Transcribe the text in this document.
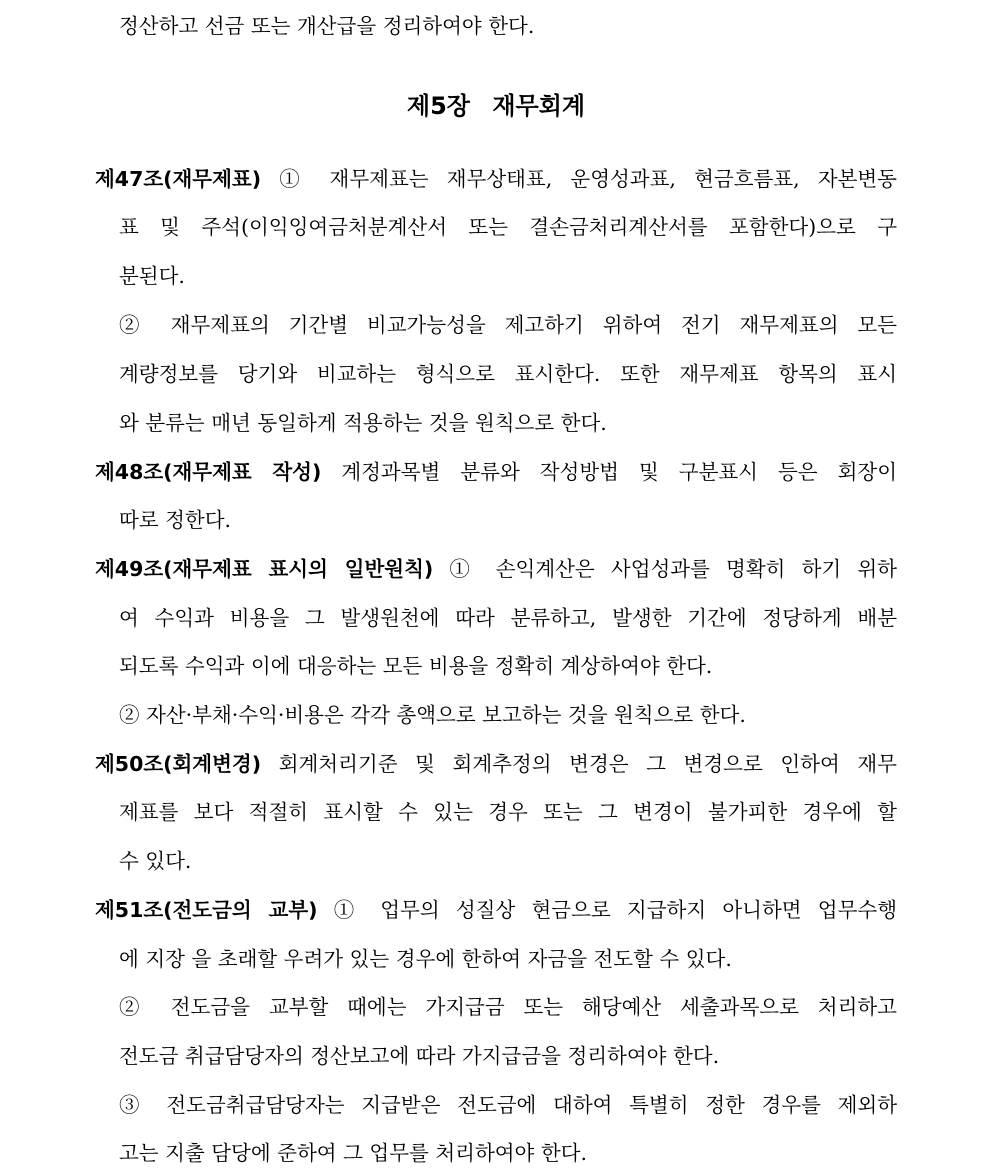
정산하고 선금 또는 개산급을 정리하여야 한다.
제5장 재무회계
제47조(재무제표) ① 재무제표는 재무상태표, 운영성과표, 현금흐름표, 자본변동
표 및 주석(이익잉여금처분계산서 또는 결손금처리계산서를 포함한다)으로 구
분된다.
② 재무제표의 기간별 비교가능성을 제고하기 위하여 전기 재무제표의 모든
계량정보를 당기와 비교하는 형식으로 표시한다. 또한 재무제표 항목의 표시
와 분류는 매년 동일하게 적용하는 것을 원칙으로 한다.
제48조(재무제표 작성) 계정과목별 분류와 작성방법 및 구분표시 등은 회장이
따로 정한다.
제49조(재무제표 표시의 일반원칙) ① 손익계산은 사업성과를 명확히 하기 위하
여 수익과 비용을 그 발생원천에 따라 분류하고, 발생한 기간에 정당하게 배분
되도록 수익과 이에 대응하는 모든 비용을 정확히 계상하여야 한다.
② 자산·부채·수익·비용은 각각 총액으로 보고하는 것을 원칙으로 한다.
제50조(회계변경) 회계처리기준 및 회계추정의 변경은 그 변경으로 인하여 재무
제표를 보다 적절히 표시할 수 있는 경우 또는 그 변경이 불가피한 경우에 할
수 있다.
제51조(전도금의 교부) ① 업무의 성질상 현금으로 지급하지 아니하면 업무수행
에 지장 을 초래할 우려가 있는 경우에 한하여 자금을 전도할 수 있다.
② 전도금을 교부할 때에는 가지급금 또는 해당예산 세출과목으로 처리하고
전도금 취급담당자의 정산보고에 따라 가지급금을 정리하여야 한다.
③ 전도금취급담당자는 지급받은 전도금에 대하여 특별히 정한 경우를 제외하
고는 지출 담당에 준하여 그 업무를 처리하여야 한다.
